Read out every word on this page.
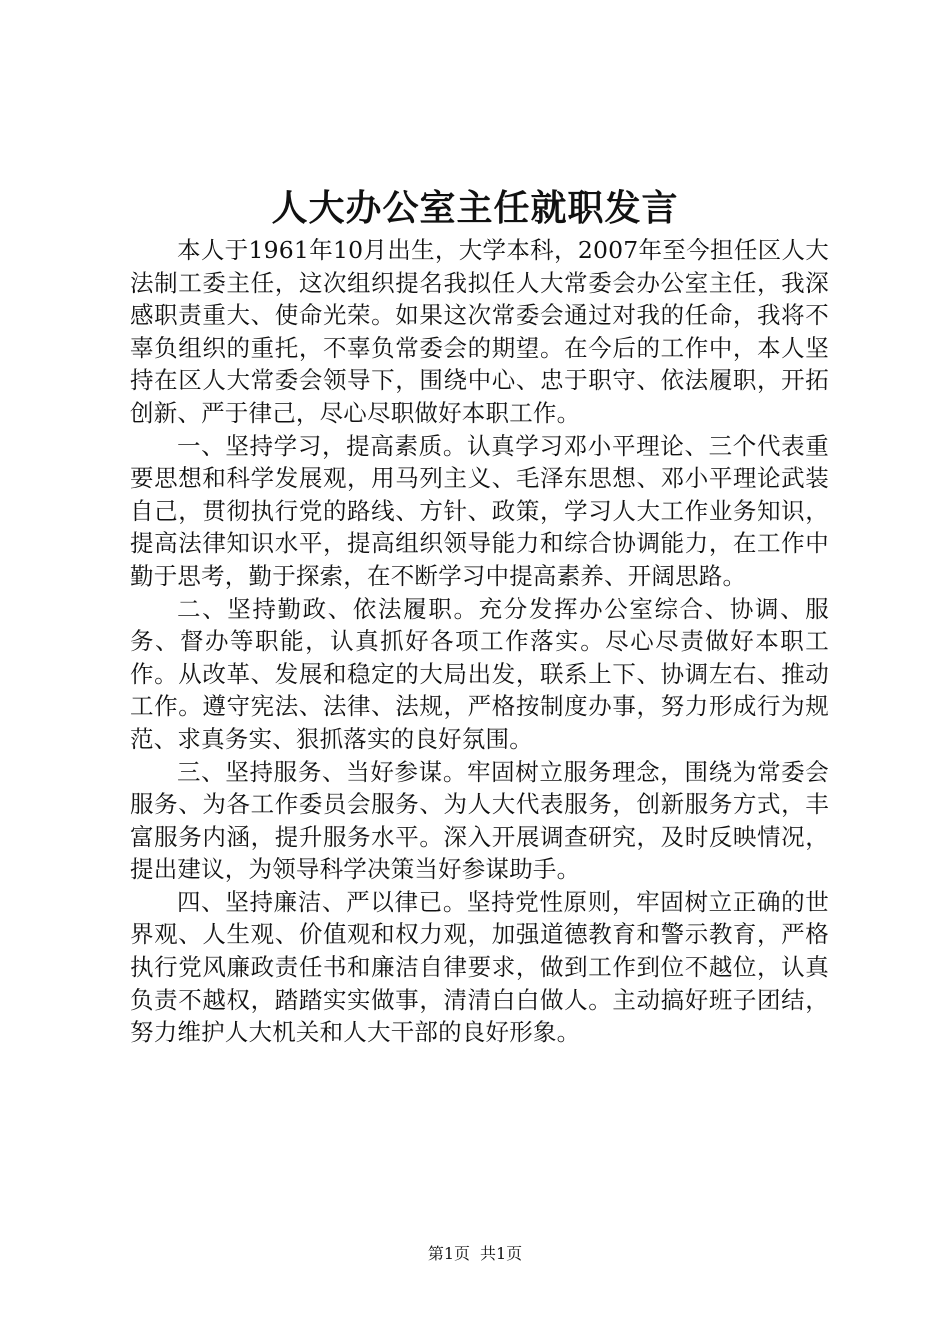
人大办公室主任就职发言

本人于1961年10月出生，大学本科，2007年至今担任区人大法制工委主任，这次组织提名我拟任人大常委会办公室主任，我深感职责重大、使命光荣。如果这次常委会通过对我的任命，我将不辜负组织的重托，不辜负常委会的期望。在今后的工作中，本人坚持在区人大常委会领导下，围绕中心、忠于职守、依法履职，开拓创新、严于律己，尽心尽职做好本职工作。

一、坚持学习，提高素质。认真学习邓小平理论、三个代表重要思想和科学发展观，用马列主义、毛泽东思想、邓小平理论武装自己，贯彻执行党的路线、方针、政策，学习人大工作业务知识，提高法律知识水平，提高组织领导能力和综合协调能力，在工作中勤于思考，勤于探索，在不断学习中提高素养、开阔思路。

二、坚持勤政、依法履职。充分发挥办公室综合、协调、服务、督办等职能，认真抓好各项工作落实。尽心尽责做好本职工作。从改革、发展和稳定的大局出发，联系上下、协调左右、推动工作。遵守宪法、法律、法规，严格按制度办事，努力形成行为规范、求真务实、狠抓落实的良好氛围。

三、坚持服务、当好参谋。牢固树立服务理念，围绕为常委会服务、为各工作委员会服务、为人大代表服务，创新服务方式，丰富服务内涵，提升服务水平。深入开展调查研究，及时反映情况，提出建议，为领导科学决策当好参谋助手。

四、坚持廉洁、严以律已。坚持党性原则，牢固树立正确的世界观、人生观、价值观和权力观，加强道德教育和警示教育，严格执行党风廉政责任书和廉洁自律要求，做到工作到位不越位，认真负责不越权，踏踏实实做事，清清白白做人。主动搞好班子团结，努力维护人大机关和人大干部的良好形象。

第1页 共1页
